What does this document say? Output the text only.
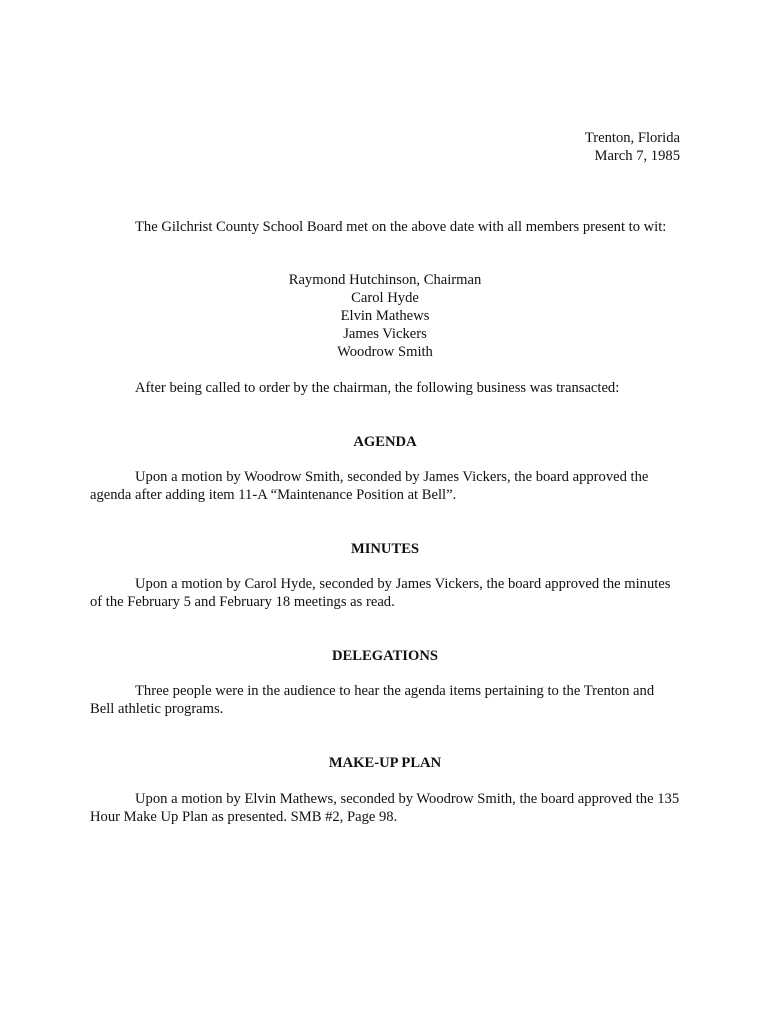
Trenton, Florida
March 7, 1985
The Gilchrist County School Board met on the above date with all members present to wit:
Raymond Hutchinson, Chairman
Carol Hyde
Elvin Mathews
James Vickers
Woodrow Smith
After being called to order by the chairman, the following business was transacted:
AGENDA
Upon a motion by Woodrow Smith, seconded by James Vickers, the board approved the agenda after adding item 11-A “Maintenance Position at Bell”.
MINUTES
Upon a motion by Carol Hyde, seconded by James Vickers, the board approved the minutes of the February 5 and February 18 meetings as read.
DELEGATIONS
Three people were in the audience to hear the agenda items pertaining to the Trenton and Bell athletic programs.
MAKE-UP PLAN
Upon a motion by Elvin Mathews, seconded by Woodrow Smith, the board approved the 135 Hour Make Up Plan as presented. SMB #2, Page 98.
